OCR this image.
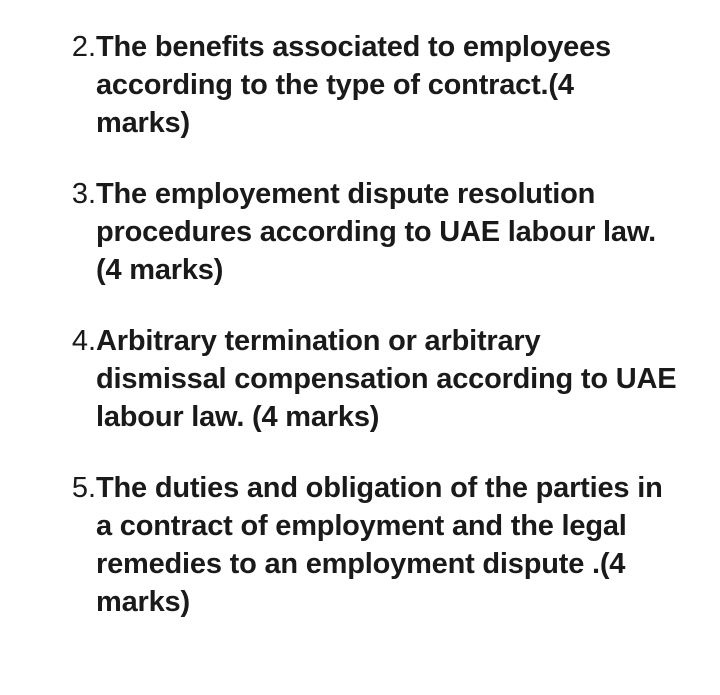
2. The benefits associated to employees
according to the type of contract.(4
marks)
3. The employement dispute resolution
procedures according to UAE labour law.
(4 marks)
4. Arbitrary termination or arbitrary
dismissal compensation according to UAE
labour law. (4 marks)
5. The duties and obligation of the parties in
a contract of employment and the legal
remedies to an employment dispute .(4
marks)
